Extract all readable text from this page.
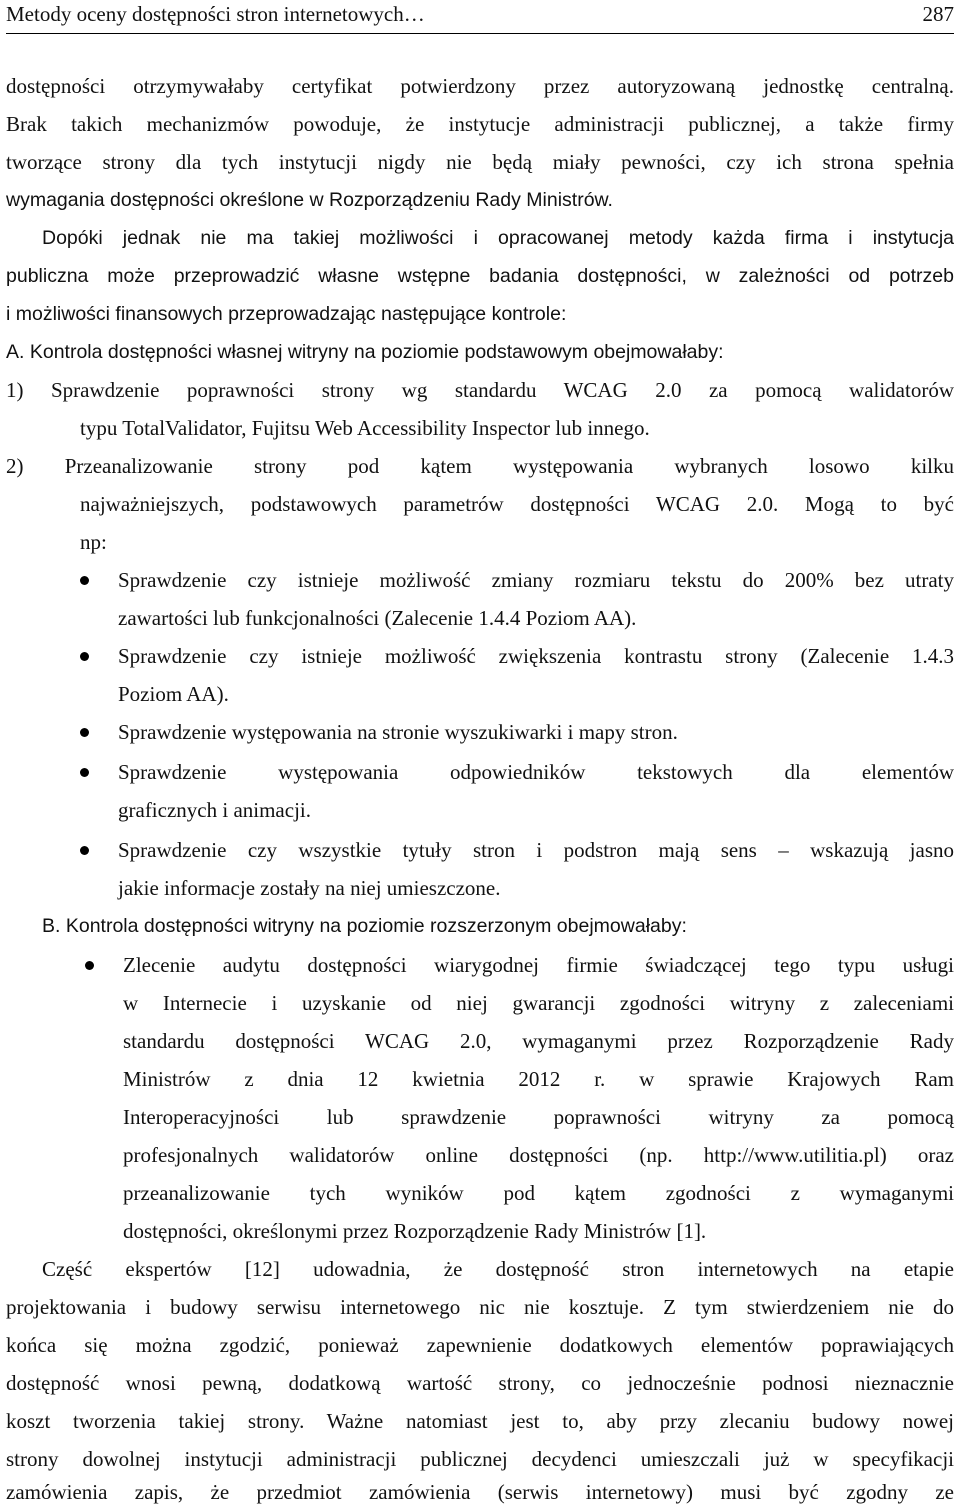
Metody oceny dostępności stron internetowych…	287
dostępności otrzymywałaby certyfikat potwierdzony przez autoryzowaną jednostkę centralną.
Brak takich mechanizmów powoduje, że instytucje administracji publicznej, a także firmy
tworzące strony dla tych instytucji nigdy nie będą miały pewności, czy ich strona spełnia
wymagania dostępności określone w Rozporządzeniu Rady Ministrów.
Dopóki jednak nie ma takiej możliwości i opracowanej metody każda firma i instytucja
publiczna może przeprowadzić własne wstępne badania dostępności, w zależności od potrzeb
i możliwości finansowych przeprowadzając następujące kontrole:
A. Kontrola dostępności własnej witryny na poziomie podstawowym obejmowałaby:
1) Sprawdzenie poprawności strony wg standardu WCAG 2.0 za pomocą walidatorów
typu TotalValidator, Fujitsu Web Accessibility Inspector lub innego.
2) Przeanalizowanie strony pod kątem występowania wybranych losowo kilku
najważniejszych, podstawowych parametrów dostępności WCAG 2.0. Mogą to być
np:
Sprawdzenie czy istnieje możliwość zmiany rozmiaru tekstu do 200% bez utraty
zawartości lub funkcjonalności (Zalecenie 1.4.4 Poziom AA).
Sprawdzenie czy istnieje możliwość zwiększenia kontrastu strony (Zalecenie 1.4.3
Poziom AA).
Sprawdzenie występowania na stronie wyszukiwarki i mapy stron.
Sprawdzenie występowania odpowiedników tekstowych dla elementów
graficznych i animacji.
Sprawdzenie czy wszystkie tytuły stron i podstron mają sens – wskazują jasno
jakie informacje zostały na niej umieszczone.
B. Kontrola dostępności witryny na poziomie rozszerzonym obejmowałaby:
Zlecenie audytu dostępności wiarygodnej firmie świadczącej tego typu usługi
w Internecie i uzyskanie od niej gwarancji zgodności witryny z zaleceniami
standardu dostępności WCAG 2.0, wymaganymi przez Rozporządzenie Rady
Ministrów z dnia 12 kwietnia 2012 r. w sprawie Krajowych Ram
Interoperacyjności lub sprawdzenie poprawności witryny za pomocą
profesjonalnych walidatorów online dostępności (np. http://www.utilitia.pl) oraz
przeanalizowanie tych wyników pod kątem zgodności z wymaganymi
dostępności, określonymi przez Rozporządzenie Rady Ministrów [1].
Część ekspertów [12] udowadnia, że dostępność stron internetowych na etapie
projektowania i budowy serwisu internetowego nic nie kosztuje. Z tym stwierdzeniem nie do
końca się można zgodzić, ponieważ zapewnienie dodatkowych elementów poprawiających
dostępność wnosi pewną, dodatkową wartość strony, co jednocześnie podnosi nieznacznie
koszt tworzenia takiej strony. Ważne natomiast jest to, aby przy zlecaniu budowy nowej
strony dowolnej instytucji administracji publicznej decydenci umieszczali już w specyfikacji
zamówienia zapis, że przedmiot zamówienia (serwis internetowy) musi być zgodny ze
